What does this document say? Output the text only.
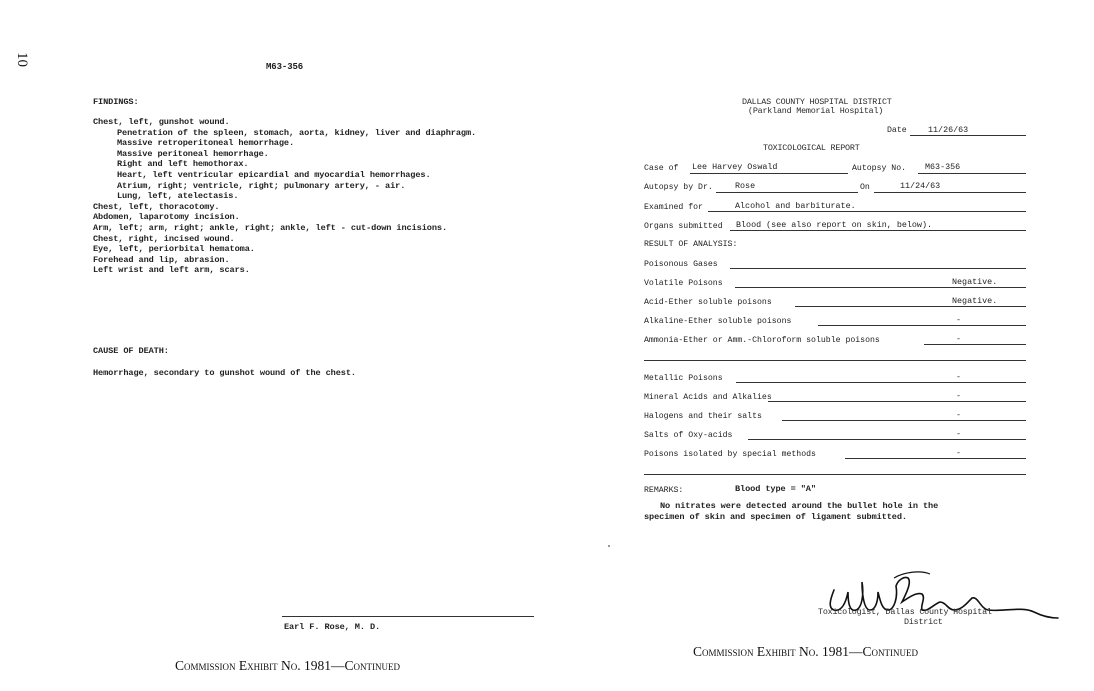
10	M63-356
FINDINGS:
Chest, left, gunshot wound.
Penetration of the spleen, stomach, aorta, kidney, liver and diaphragm.
Massive retroperitoneal hemorrhage.
Massive peritoneal hemorrhage.
Right and left hemothorax.
Heart, left ventricular epicardial and myocardial hemorrhages.
Atrium, right; ventricle, right; pulmonary artery, - air.
Lung, left, atelectasis.
Chest, left, thoracotomy.
Abdomen, laparotomy incision.
Arm, left; arm, right; ankle, right; ankle, left - cut-down incisions.
Chest, right, incised wound.
Eye, left, periorbital hematoma.
Forehead and lip, abrasion.
Left wrist and left arm, scars.
CAUSE OF DEATH:
Hemorrhage, secondary to gunshot wound of the chest.
Earl F. Rose, M. D.
Commission Exhibit No. 1981—Continued
DALLAS COUNTY HOSPITAL DISTRICT
(Parkland Memorial Hospital)
Date	11/26/63
TOXICOLOGICAL REPORT
Case of Lee Harvey Oswald	Autopsy No. M63-356
Autopsy by Dr.	Rose	On	11/24/63
Examined for	Alcohol and barbiturate.
Organs submitted Blood (see also report on skin, below).
RESULT OF ANALYSIS:
Poisonous Gases
Volatile Poisons	Negative.
Acid-Ether soluble poisons	Negative.
Alkaline-Ether soluble poisons	-
Ammonia-Ether or Amm.-Chloroform soluble poisons	-
Metallic Poisons	-
Mineral Acids and Alkalies	-
Halogens and their salts	-
Salts of Oxy-acids	-
Poisons isolated by special methods	-
REMARKS:	Blood type = "A"
No nitrates were detected around the bullet hole in the
specimen of skin and specimen of ligament submitted.
Toxicologist, Dallas County Hospital
District
Commission Exhibit No. 1981—Continued
